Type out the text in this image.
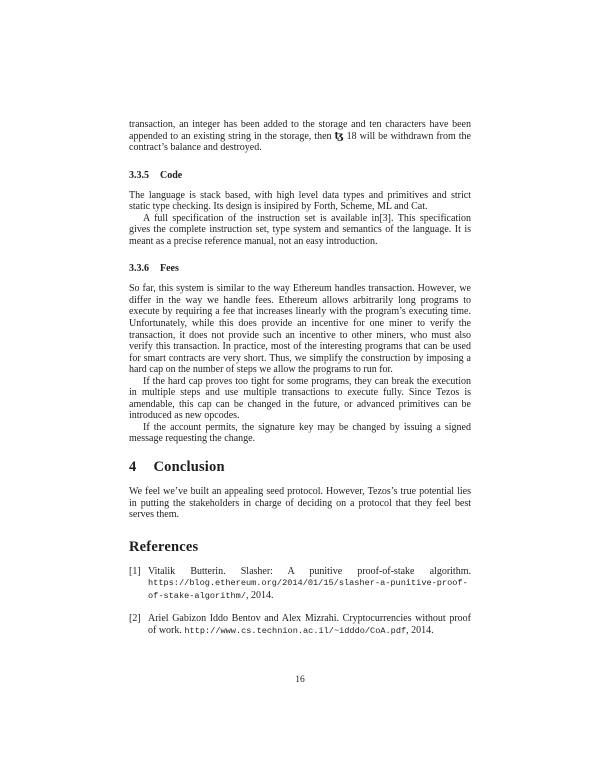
transaction, an integer has been added to the storage and ten characters have been appended to an existing string in the storage, then ꜩ 18 will be withdrawn from the contract’s balance and destroyed.

3.3.5 Code

The language is stack based, with high level data types and primitives and strict static type checking. Its design is insipired by Forth, Scheme, ML and Cat.

A full specification of the instruction set is available in[3]. This specification gives the complete instruction set, type system and semantics of the language. It is meant as a precise reference manual, not an easy introduction.

3.3.6 Fees

So far, this system is similar to the way Ethereum handles transaction. However, we differ in the way we handle fees. Ethereum allows arbitrarily long programs to execute by requiring a fee that increases linearly with the program’s executing time. Unfortunately, while this does provide an incentive for one miner to verify the transaction, it does not provide such an incentive to other miners, who must also verify this transaction. In practice, most of the interesting programs that can be used for smart contracts are very short. Thus, we simplify the construction by imposing a hard cap on the number of steps we allow the programs to run for.

If the hard cap proves too tight for some programs, they can break the execution in multiple steps and use multiple transactions to execute fully. Since Tezos is amendable, this cap can be changed in the future, or advanced primitives can be introduced as new opcodes.

If the account permits, the signature key may be changed by issuing a signed message requesting the change.

4 Conclusion

We feel we’ve built an appealing seed protocol. However, Tezos’s true potential lies in putting the stakeholders in charge of deciding on a protocol that they feel best serves them.

References

[1] Vitalik Butterin. Slasher: A punitive proof-of-stake algorithm. https://blog.ethereum.org/2014/01/15/slasher-a-punitive-proof-of-stake-algorithm/, 2014.
[2] Ariel Gabizon Iddo Bentov and Alex Mizrahi. Cryptocurrencies without proof of work. http://www.cs.technion.ac.il/~idddo/CoA.pdf, 2014.
16
